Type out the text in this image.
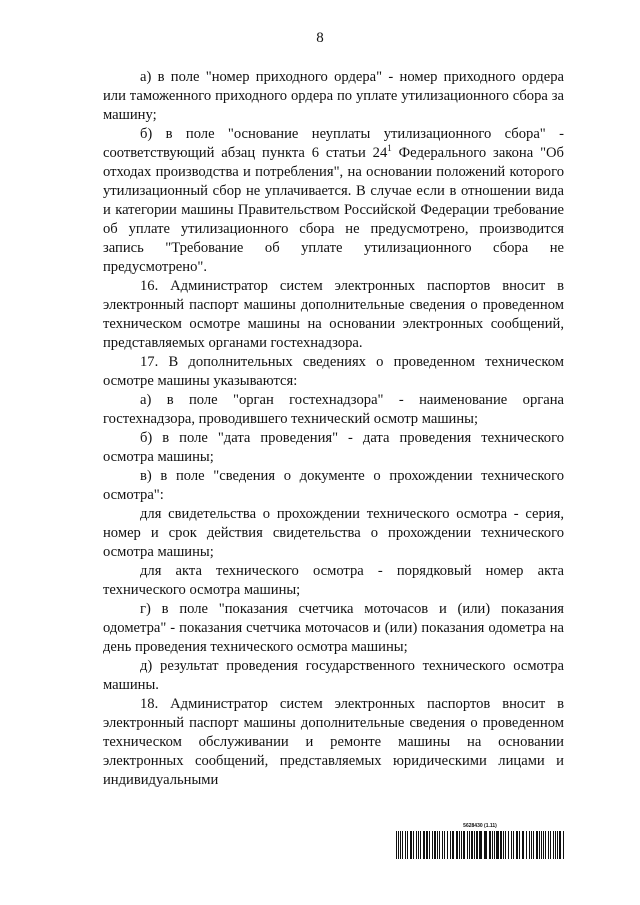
8

а) в поле "номер приходного ордера" - номер приходного ордера или таможенного приходного ордера по уплате утилизационного сбора за машину;

б) в поле "основание неуплаты утилизационного сбора" - соответствующий абзац пункта 6 статьи $24^1$ Федерального закона "Об отходах производства и потребления", на основании положений которого утилизационный сбор не уплачивается. В случае если в отношении вида и категории машины Правительством Российской Федерации требование об уплате утилизационного сбора не предусмотрено, производится запись "Требование об уплате утилизационного сбора не предусмотрено".

16. Администратор систем электронных паспортов вносит в электронный паспорт машины дополнительные сведения о проведенном техническом осмотре машины на основании электронных сообщений, представляемых органами гостехнадзора.

17. В дополнительных сведениях о проведенном техническом осмотре машины указываются:

а) в поле "орган гостехнадзора" - наименование органа гостехнадзора, проводившего технический осмотр машины;

б) в поле "дата проведения" - дата проведения технического осмотра машины;

в) в поле "сведения о документе о прохождении технического осмотра":

для свидетельства о прохождении технического осмотра - серия, номер и срок действия свидетельства о прохождении технического осмотра машины;

для акта технического осмотра - порядковый номер акта технического осмотра машины;

г) в поле "показания счетчика моточасов и (или) показания одометра" - показания счетчика моточасов и (или) показания одометра на день проведения технического осмотра машины;

д) результат проведения государственного технического осмотра машины.

18. Администратор систем электронных паспортов вносит в электронный паспорт машины дополнительные сведения о проведенном техническом обслуживании и ремонте машины на основании электронных сообщений, представляемых юридическими лицами и индивидуальными

5628430 (1.11)
